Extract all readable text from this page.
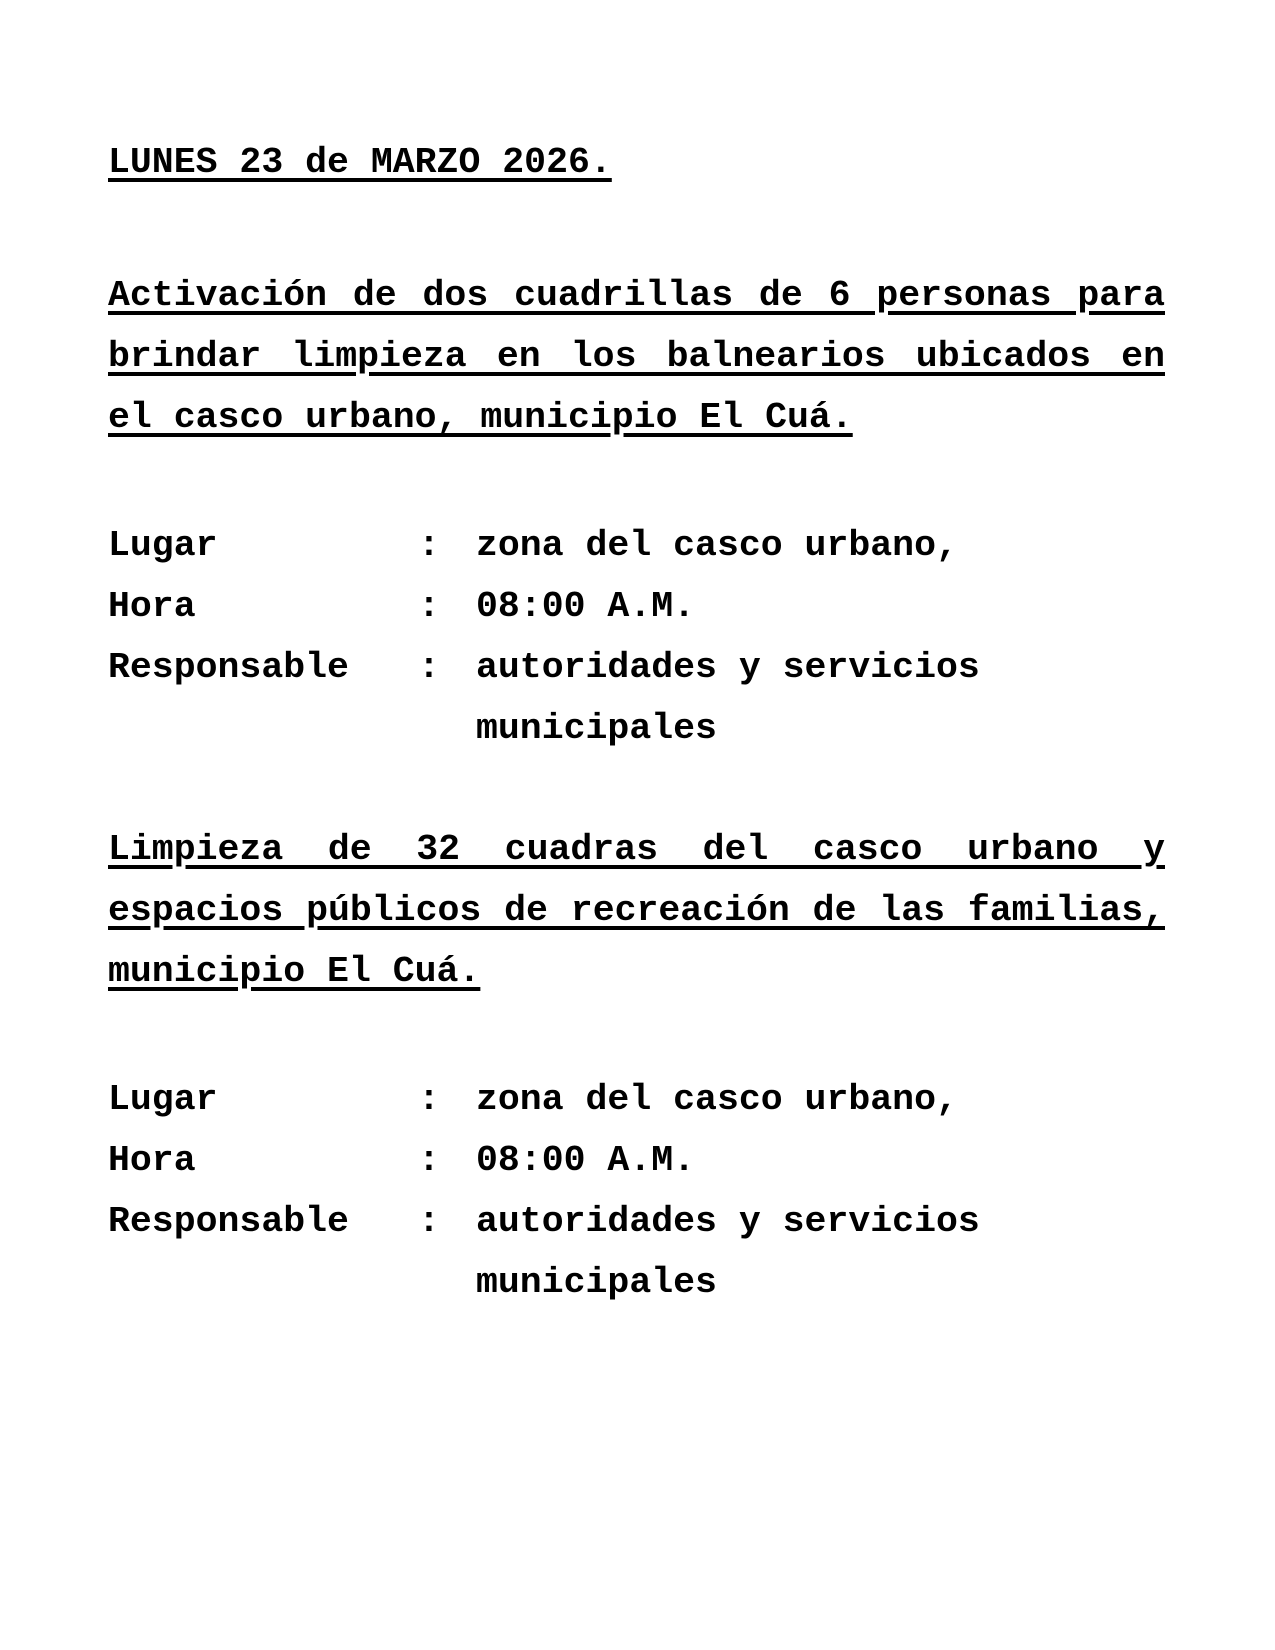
LUNES 23 de MARZO 2026.

Activación de dos cuadrillas de 6 personas para brindar limpieza en los balnearios ubicados en el casco urbano, municipio El Cuá.

Lugar	: zona del casco urbano,
Hora	: 08:00 A.M.
Responsable	: autoridades y servicios municipales

Limpieza de 32 cuadras del casco urbano y espacios públicos de recreación de las familias, municipio El Cuá.

Lugar	: zona del casco urbano,
Hora	: 08:00 A.M.
Responsable	: autoridades y servicios municipales
